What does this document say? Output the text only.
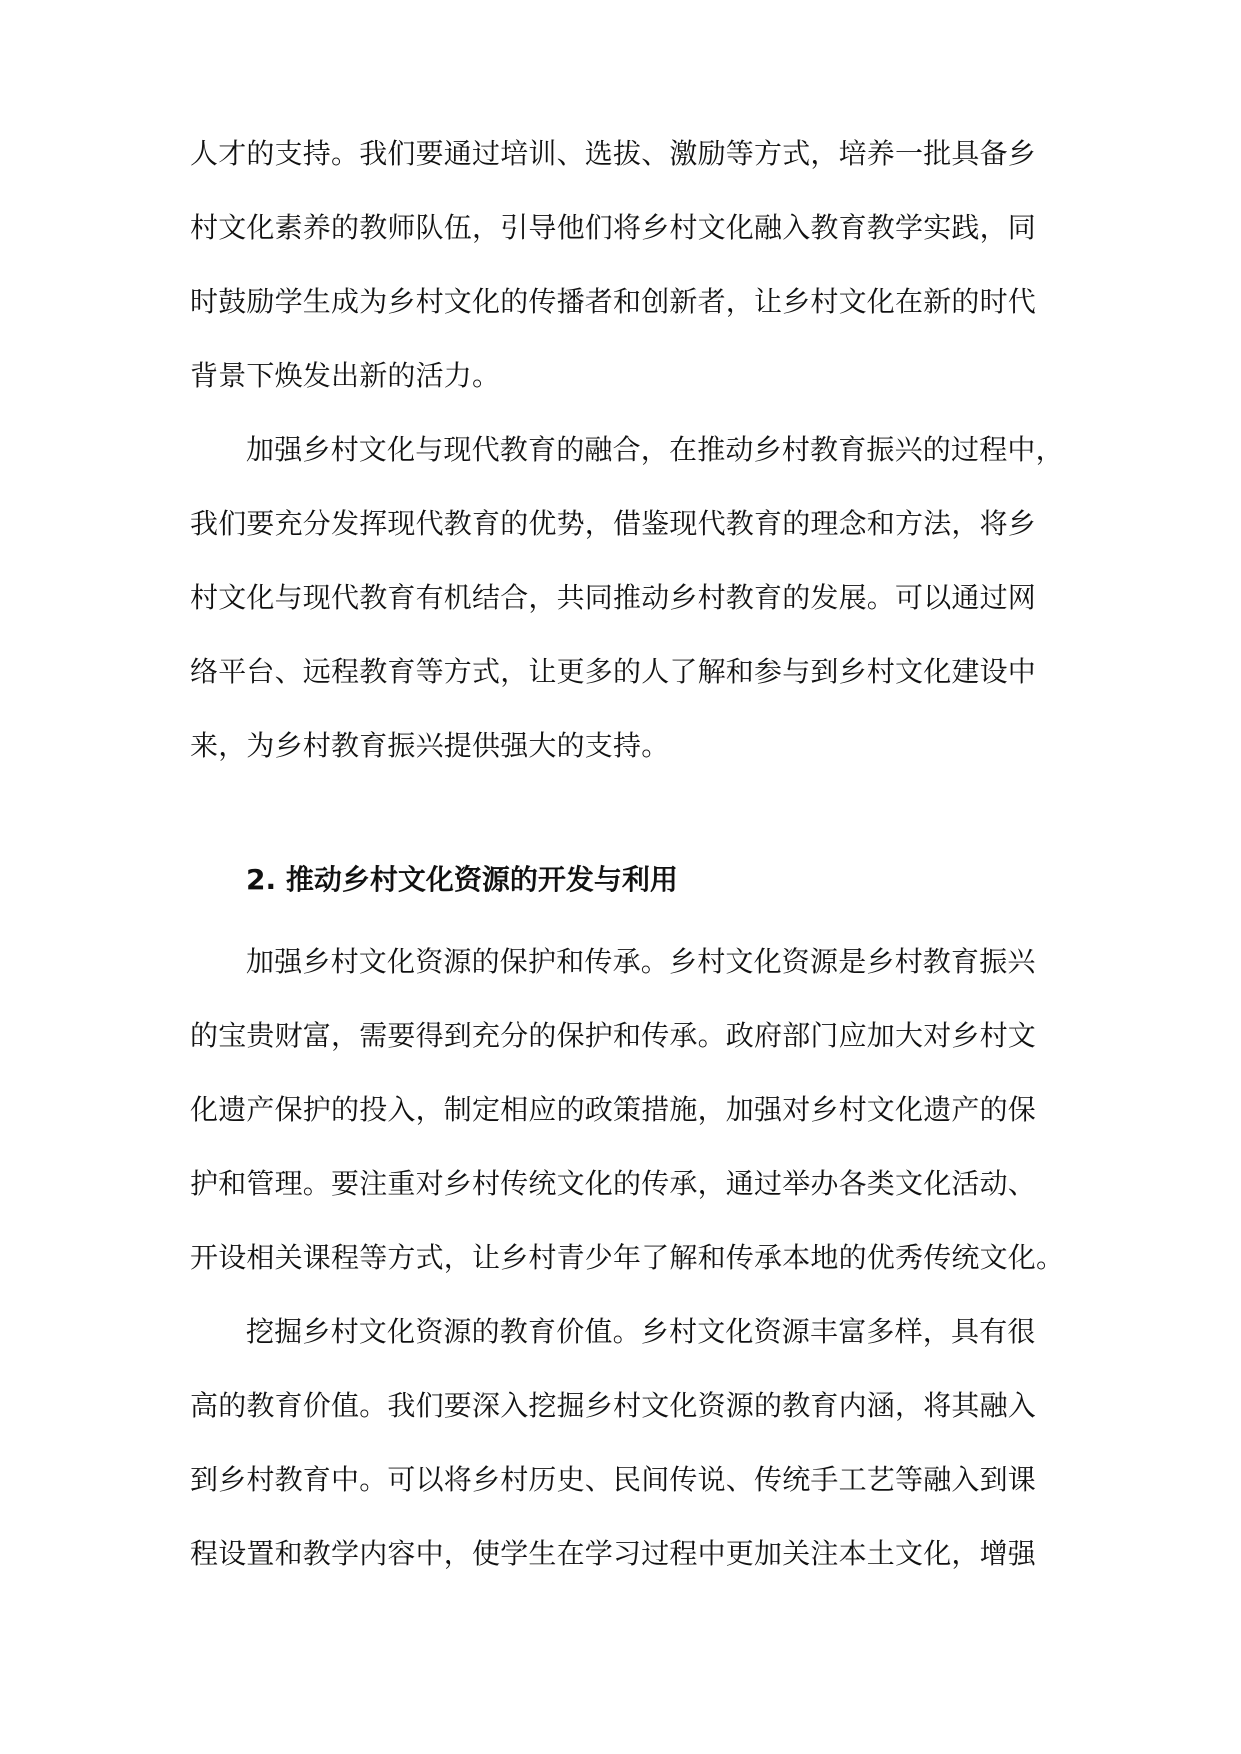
人才的支持。我们要通过培训、选拔、激励等方式，培养一批具备乡
村文化素养的教师队伍，引导他们将乡村文化融入教育教学实践，同
时鼓励学生成为乡村文化的传播者和创新者，让乡村文化在新的时代
背景下焕发出新的活力。
加强乡村文化与现代教育的融合，在推动乡村教育振兴的过程中，
我们要充分发挥现代教育的优势，借鉴现代教育的理念和方法，将乡
村文化与现代教育有机结合，共同推动乡村教育的发展。可以通过网
络平台、远程教育等方式，让更多的人了解和参与到乡村文化建设中
来，为乡村教育振兴提供强大的支持。
2. 推动乡村文化资源的开发与利用
加强乡村文化资源的保护和传承。乡村文化资源是乡村教育振兴
的宝贵财富，需要得到充分的保护和传承。政府部门应加大对乡村文
化遗产保护的投入，制定相应的政策措施，加强对乡村文化遗产的保
护和管理。要注重对乡村传统文化的传承，通过举办各类文化活动、
开设相关课程等方式，让乡村青少年了解和传承本地的优秀传统文化。
挖掘乡村文化资源的教育价值。乡村文化资源丰富多样，具有很
高的教育价值。我们要深入挖掘乡村文化资源的教育内涵，将其融入
到乡村教育中。可以将乡村历史、民间传说、传统手工艺等融入到课
程设置和教学内容中，使学生在学习过程中更加关注本土文化，增强
